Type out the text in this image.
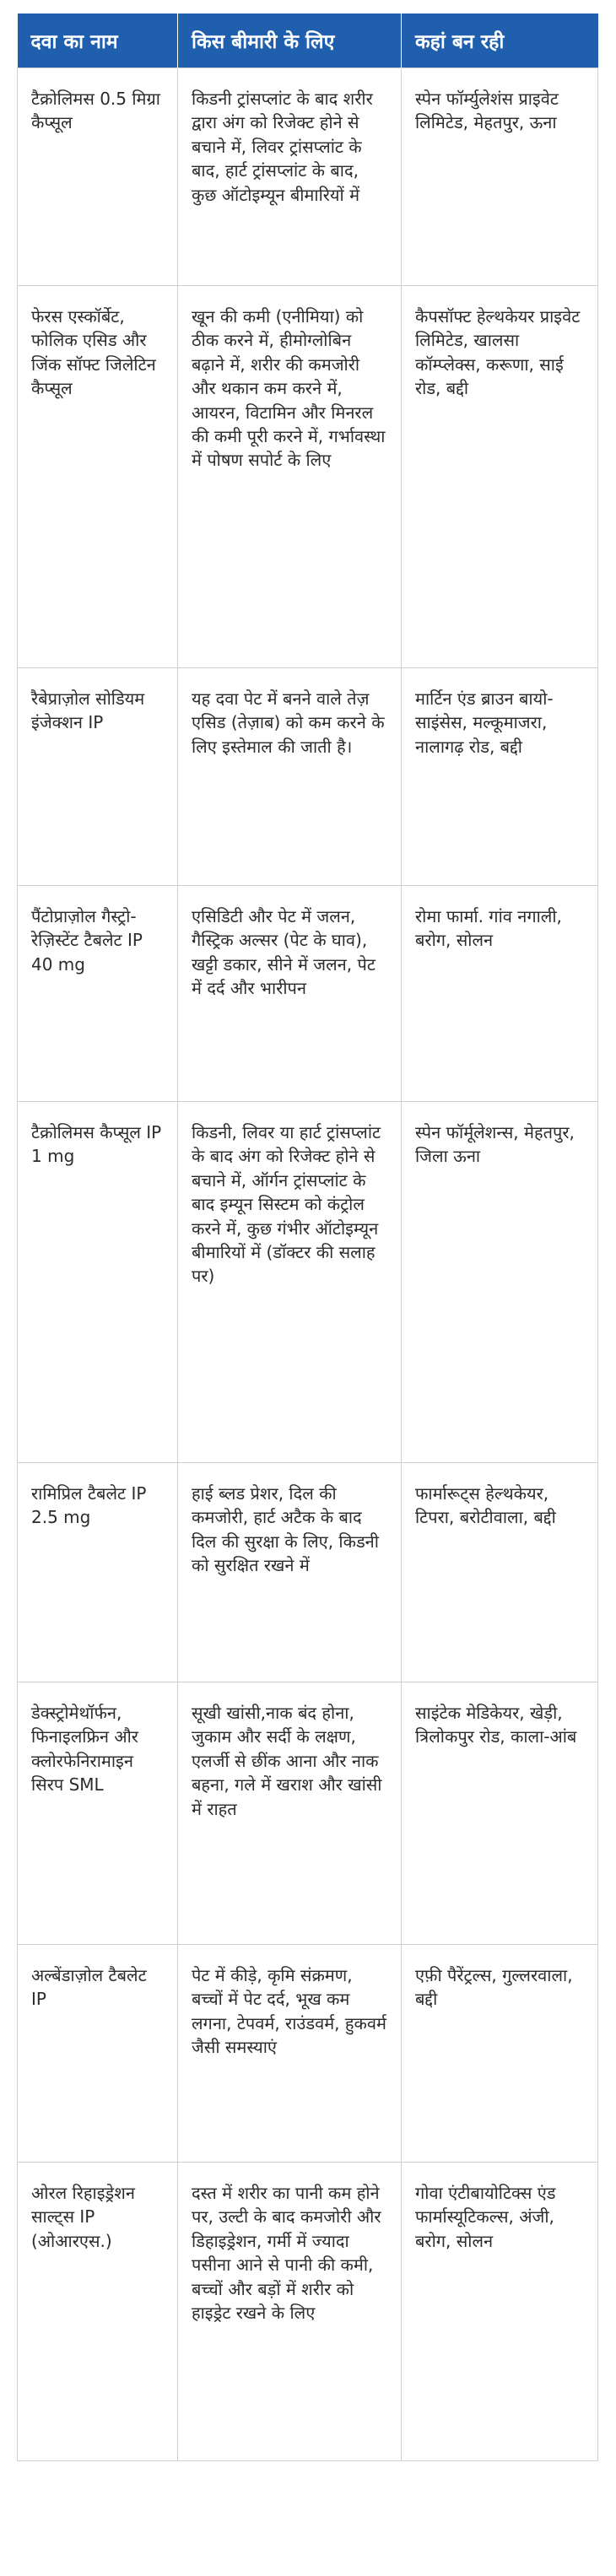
दवा का नाम	किस बीमारी के लिए	कहां बन रही
टैक्रोलिमस 0.5 मिग्रा कैप्सूल	किडनी ट्रांसप्लांट के बाद शरीर द्वारा अंग को रिजेक्ट होने से बचाने में, लिवर ट्रांसप्लांट के बाद, हार्ट ट्रांसप्लांट के बाद, कुछ ऑटोइम्यून बीमारियों में	स्पेन फॉर्म्युलेशंस प्राइवेट लिमिटेड, मेहतपुर, ऊना
फेरस एस्कॉर्बेट, फोलिक एसिड और जिंक सॉफ्ट जिलेटिन कैप्सूल	खून की कमी (एनीमिया) को ठीक करने में, हीमोग्लोबिन बढ़ाने में, शरीर की कमजोरी और थकान कम करने में, आयरन, विटामिन और मिनरल की कमी पूरी करने में, गर्भावस्था में पोषण सपोर्ट के लिए	कैपसॉफ्ट हेल्थकेयर प्राइवेट लिमिटेड, खालसा कॉम्प्लेक्स, करूणा, साई रोड, बद्दी
रैबेप्राज़ोल सोडियम इंजेक्शन IP	यह दवा पेट में बनने वाले तेज़ एसिड (तेज़ाब) को कम करने के लिए इस्तेमाल की जाती है।	मार्टिन एंड ब्राउन बायो-साइंसेस, मल्कूमाजरा, नालागढ़ रोड, बद्दी
पैंटोप्राज़ोल गैस्ट्रो-रेज़िस्टेंट टैबलेट IP 40 mg	एसिडिटी और पेट में जलन, गैस्ट्रिक अल्सर (पेट के घाव), खट्टी डकार, सीने में जलन, पेट में दर्द और भारीपन	रोमा फार्मा. गांव नगाली, बरोग, सोलन
टैक्रोलिमस कैप्सूल IP 1 mg	किडनी, लिवर या हार्ट ट्रांसप्लांट के बाद अंग को रिजेक्ट होने से बचाने में, ऑर्गन ट्रांसप्लांट के बाद इम्यून सिस्टम को कंट्रोल करने में, कुछ गंभीर ऑटोइम्यून बीमारियों में (डॉक्टर की सलाह पर)	स्पेन फॉर्मूलेशन्स, मेहतपुर, जिला ऊना
रामिप्रिल टैबलेट IP 2.5 mg	हाई ब्लड प्रेशर, दिल की कमजोरी, हार्ट अटैक के बाद दिल की सुरक्षा के लिए, किडनी को सुरक्षित रखने में	फार्मारूट्स हेल्थकेयर, टिपरा, बरोटीवाला, बद्दी
डेक्स्ट्रोमेथॉर्फन, फिनाइलफ्रिन और क्लोरफेनिरामाइन सिरप SML	सूखी खांसी,नाक बंद होना, जुकाम और सर्दी के लक्षण, एलर्जी से छींक आना और नाक बहना, गले में खराश और खांसी में राहत	साइंटेक मेडिकेयर, खेड़ी, त्रिलोकपुर रोड, काला-आंब
अल्बेंडाज़ोल टैबलेट IP	पेट में कीड़े, कृमि संक्रमण, बच्चों में पेट दर्द, भूख कम लगना, टेपवर्म, राउंडवर्म, हुकवर्म जैसी समस्याएं	एफ़ी पैरेंट्रल्स, गुल्लरवाला, बद्दी
ओरल रिहाइड्रेशन साल्ट्स IP (ओआरएस.)	दस्त में शरीर का पानी कम होने पर, उल्टी के बाद कमजोरी और डिहाइड्रेशन, गर्मी में ज्यादा पसीना आने से पानी की कमी, बच्चों और बड़ों में शरीर को हाइड्रेट रखने के लिए	गोवा एंटीबायोटिक्स एंड फार्मास्यूटिकल्स, अंजी, बरोग, सोलन
